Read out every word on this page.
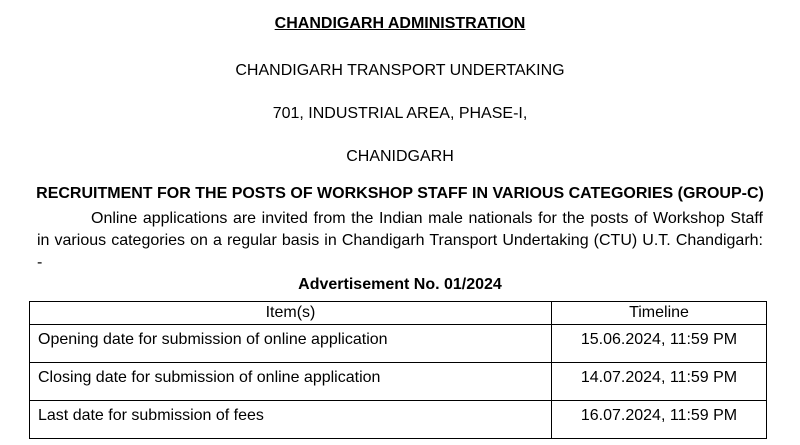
CHANDIGARH ADMINISTRATION
CHANDIGARH TRANSPORT UNDERTAKING
701, INDUSTRIAL AREA, PHASE-I,
CHANIDGARH
RECRUITMENT FOR THE POSTS OF WORKSHOP STAFF IN VARIOUS CATEGORIES (GROUP-C)
Online applications are invited from the Indian male nationals for the posts of Workshop Staff in various categories on a regular basis in Chandigarh Transport Undertaking (CTU) U.T. Chandigarh: -
Advertisement No. 01/2024
Item(s)	Timeline
Opening date for submission of online application	15.06.2024, 11:59 PM
Closing date for submission of online application	14.07.2024, 11:59 PM
Last date for submission of fees	16.07.2024, 11:59 PM
